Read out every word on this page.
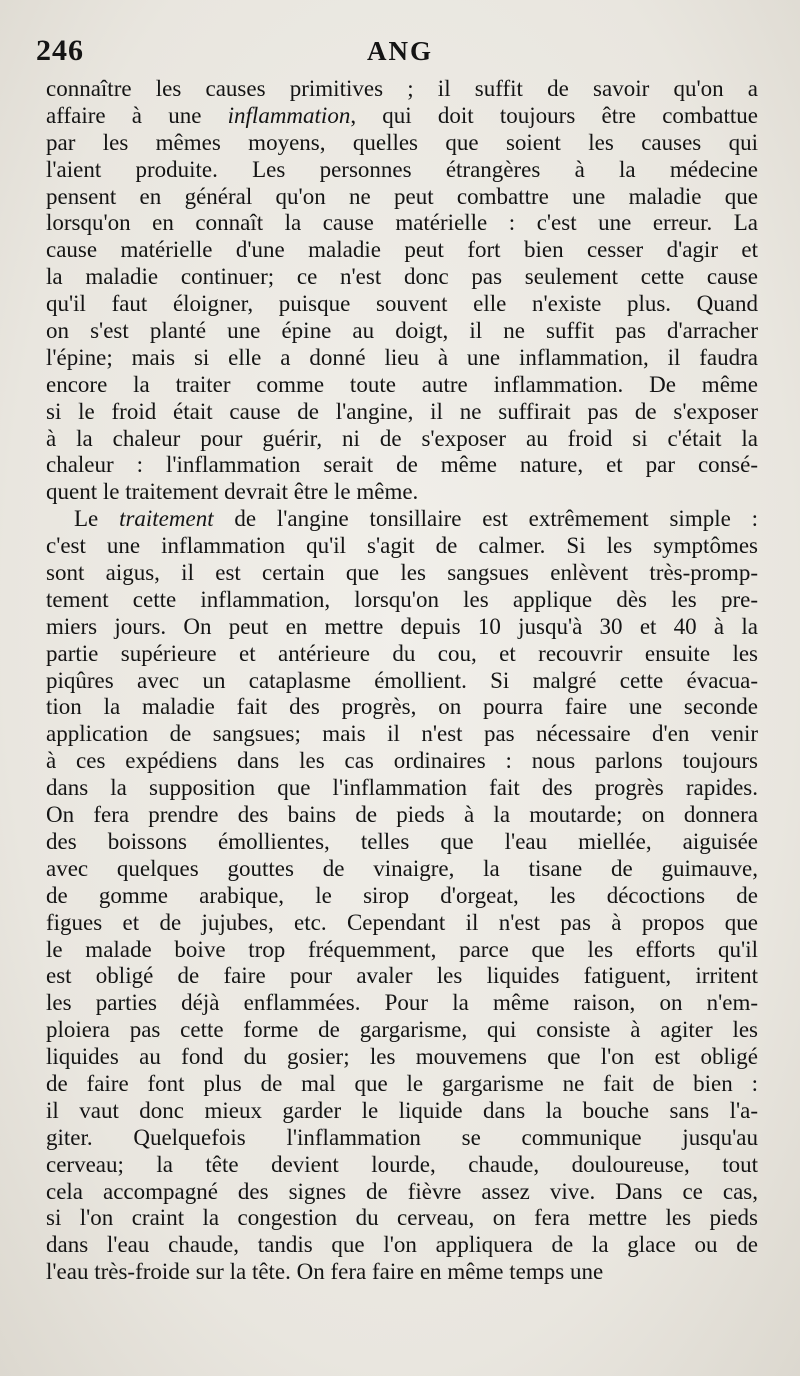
246	ANG
connaître les causes primitives ; il suffit de savoir qu'on a
affaire à une inflammation, qui doit toujours être combattue
par les mêmes moyens, quelles que soient les causes qui
l'aient produite. Les personnes étrangères à la médecine
pensent en général qu'on ne peut combattre une maladie que
lorsqu'on en connaît la cause matérielle : c'est une erreur. La
cause matérielle d'une maladie peut fort bien cesser d'agir et
la maladie continuer; ce n'est donc pas seulement cette cause
qu'il faut éloigner, puisque souvent elle n'existe plus. Quand
on s'est planté une épine au doigt, il ne suffit pas d'arracher
l'épine; mais si elle a donné lieu à une inflammation, il faudra
encore la traiter comme toute autre inflammation. De même
si le froid était cause de l'angine, il ne suffirait pas de s'exposer
à la chaleur pour guérir, ni de s'exposer au froid si c'était la
chaleur : l'inflammation serait de même nature, et par consé-
quent le traitement devrait être le même.
Le traitement de l'angine tonsillaire est extrêmement simple :
c'est une inflammation qu'il s'agit de calmer. Si les symptômes
sont aigus, il est certain que les sangsues enlèvent très-promp-
tement cette inflammation, lorsqu'on les applique dès les pre-
miers jours. On peut en mettre depuis 10 jusqu'à 30 et 40 à la
partie supérieure et antérieure du cou, et recouvrir ensuite les
piqûres avec un cataplasme émollient. Si malgré cette évacua-
tion la maladie fait des progrès, on pourra faire une seconde
application de sangsues; mais il n'est pas nécessaire d'en venir
à ces expédiens dans les cas ordinaires : nous parlons toujours
dans la supposition que l'inflammation fait des progrès rapides.
On fera prendre des bains de pieds à la moutarde; on donnera
des boissons émollientes, telles que l'eau miellée, aiguisée
avec quelques gouttes de vinaigre, la tisane de guimauve,
de gomme arabique, le sirop d'orgeat, les décoctions de
figues et de jujubes, etc. Cependant il n'est pas à propos que
le malade boive trop fréquemment, parce que les efforts qu'il
est obligé de faire pour avaler les liquides fatiguent, irritent
les parties déjà enflammées. Pour la même raison, on n'em-
ploiera pas cette forme de gargarisme, qui consiste à agiter les
liquides au fond du gosier; les mouvemens que l'on est obligé
de faire font plus de mal que le gargarisme ne fait de bien :
il vaut donc mieux garder le liquide dans la bouche sans l'a-
giter. Quelquefois l'inflammation se communique jusqu'au
cerveau; la tête devient lourde, chaude, douloureuse, tout
cela accompagné des signes de fièvre assez vive. Dans ce cas,
si l'on craint la congestion du cerveau, on fera mettre les pieds
dans l'eau chaude, tandis que l'on appliquera de la glace ou de
l'eau très-froide sur la tête. On fera faire en même temps une
